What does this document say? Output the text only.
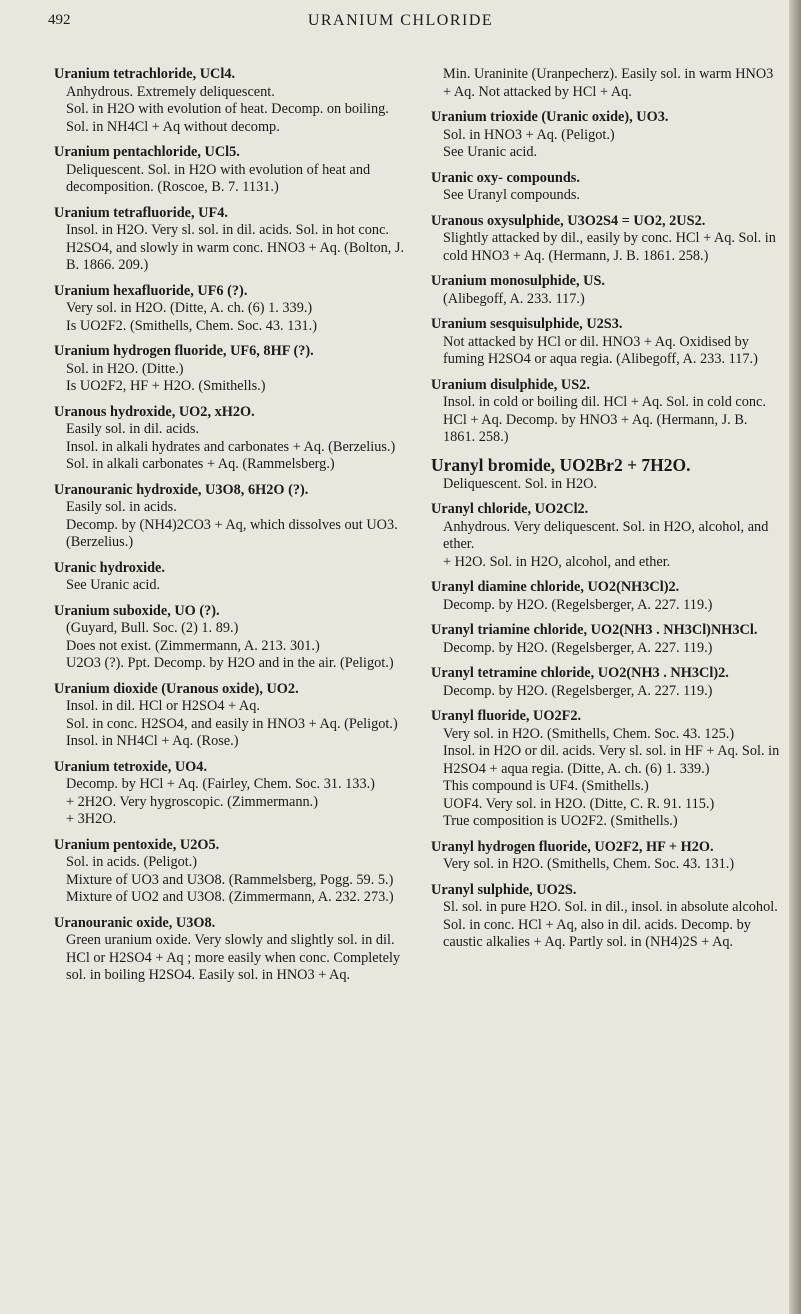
492	URANIUM CHLORIDE
Uranium tetrachloride, UCl4.
Anhydrous. Extremely deliquescent.
Sol. in H2O with evolution of heat. Decomp. on boiling. Sol. in NH4Cl + Aq without decomp.
Uranium pentachloride, UCl5.
Deliquescent. Sol. in H2O with evolution of heat and decomposition. (Roscoe, B. 7. 1131.)
Uranium tetrafluoride, UF4.
Insol. in H2O. Very sl. sol. in dil. acids. Sol. in hot conc. H2SO4, and slowly in warm conc. HNO3 + Aq. (Bolton, J. B. 1866. 209.)
Uranium hexafluoride, UF6 (?).
Very sol. in H2O. (Ditte, A. ch. (6) 1. 339.)
Is UO2F2. (Smithells, Chem. Soc. 43. 131.)
Uranium hydrogen fluoride, UF6, 8HF (?).
Sol. in H2O. (Ditte.)
Is UO2F2, HF + H2O. (Smithells.)
Uranous hydroxide, UO2, xH2O.
Easily sol. in dil. acids.
Insol. in alkali hydrates and carbonates + Aq. (Berzelius.)
Sol. in alkali carbonates + Aq. (Rammelsberg.)
Uranouranic hydroxide, U3O8, 6H2O (?).
Easily sol. in acids.
Decomp. by (NH4)2CO3 + Aq, which dissolves out UO3. (Berzelius.)
Uranic hydroxide.
See Uranic acid.
Uranium suboxide, UO (?).
(Guyard, Bull. Soc. (2) 1. 89.)
Does not exist. (Zimmermann, A. 213. 301.)
U2O3 (?). Ppt. Decomp. by H2O and in the air. (Peligot.)
Uranium dioxide (Uranous oxide), UO2.
Insol. in dil. HCl or H2SO4 + Aq.
Sol. in conc. H2SO4, and easily in HNO3 + Aq. (Peligot.)
Insol. in NH4Cl + Aq. (Rose.)
Uranium tetroxide, UO4.
Decomp. by HCl + Aq. (Fairley, Chem. Soc. 31. 133.)
+ 2H2O. Very hygroscopic. (Zimmermann.)
+ 3H2O.
Uranium pentoxide, U2O5.
Sol. in acids. (Peligot.)
Mixture of UO3 and U3O8. (Rammelsberg, Pogg. 59. 5.)
Mixture of UO2 and U3O8. (Zimmermann, A. 232. 273.)
Uranouranic oxide, U3O8.
Green uranium oxide. Very slowly and slightly sol. in dil. HCl or H2SO4 + Aq ; more easily when conc. Completely sol. in boiling H2SO4. Easily sol. in HNO3 + Aq.
Min. Uraninite (Uranpecherz). Easily sol. in warm HNO3 + Aq. Not attacked by HCl + Aq.
Uranium trioxide (Uranic oxide), UO3.
Sol. in HNO3 + Aq. (Peligot.)
See Uranic acid.
Uranic oxy- compounds.
See Uranyl compounds.
Uranous oxysulphide, U3O2S4 = UO2, 2US2.
Slightly attacked by dil., easily by conc. HCl + Aq. Sol. in cold HNO3 + Aq. (Hermann, J. B. 1861. 258.)
Uranium monosulphide, US.
(Alibegoff, A. 233. 117.)
Uranium sesquisulphide, U2S3.
Not attacked by HCl or dil. HNO3 + Aq. Oxidised by fuming H2SO4 or aqua regia. (Alibegoff, A. 233. 117.)
Uranium disulphide, US2.
Insol. in cold or boiling dil. HCl + Aq. Sol. in cold conc. HCl + Aq. Decomp. by HNO3 + Aq. (Hermann, J. B. 1861. 258.)
Uranyl bromide, UO2Br2 + 7H2O.
Deliquescent. Sol. in H2O.
Uranyl chloride, UO2Cl2.
Anhydrous. Very deliquescent. Sol. in H2O, alcohol, and ether.
+ H2O. Sol. in H2O, alcohol, and ether.
Uranyl diamine chloride, UO2(NH3Cl)2.
Decomp. by H2O. (Regelsberger, A. 227. 119.)
Uranyl triamine chloride, UO2(NH3 . NH3Cl)NH3Cl.
Decomp. by H2O. (Regelsberger, A. 227. 119.)
Uranyl tetramine chloride, UO2(NH3 . NH3Cl)2.
Decomp. by H2O. (Regelsberger, A. 227. 119.)
Uranyl fluoride, UO2F2.
Very sol. in H2O. (Smithells, Chem. Soc. 43. 125.)
Insol. in H2O or dil. acids. Very sl. sol. in HF + Aq. Sol. in H2SO4 + aqua regia. (Ditte, A. ch. (6) 1. 339.)
This compound is UF4. (Smithells.)
UOF4. Very sol. in H2O. (Ditte, C. R. 91. 115.)
True composition is UO2F2. (Smithells.)
Uranyl hydrogen fluoride, UO2F2, HF + H2O.
Very sol. in H2O. (Smithells, Chem. Soc. 43. 131.)
Uranyl sulphide, UO2S.
Sl. sol. in pure H2O. Sol. in dil., insol. in absolute alcohol. Sol. in conc. HCl + Aq, also in dil. acids. Decomp. by caustic alkalies + Aq. Partly sol. in (NH4)2S + Aq.
